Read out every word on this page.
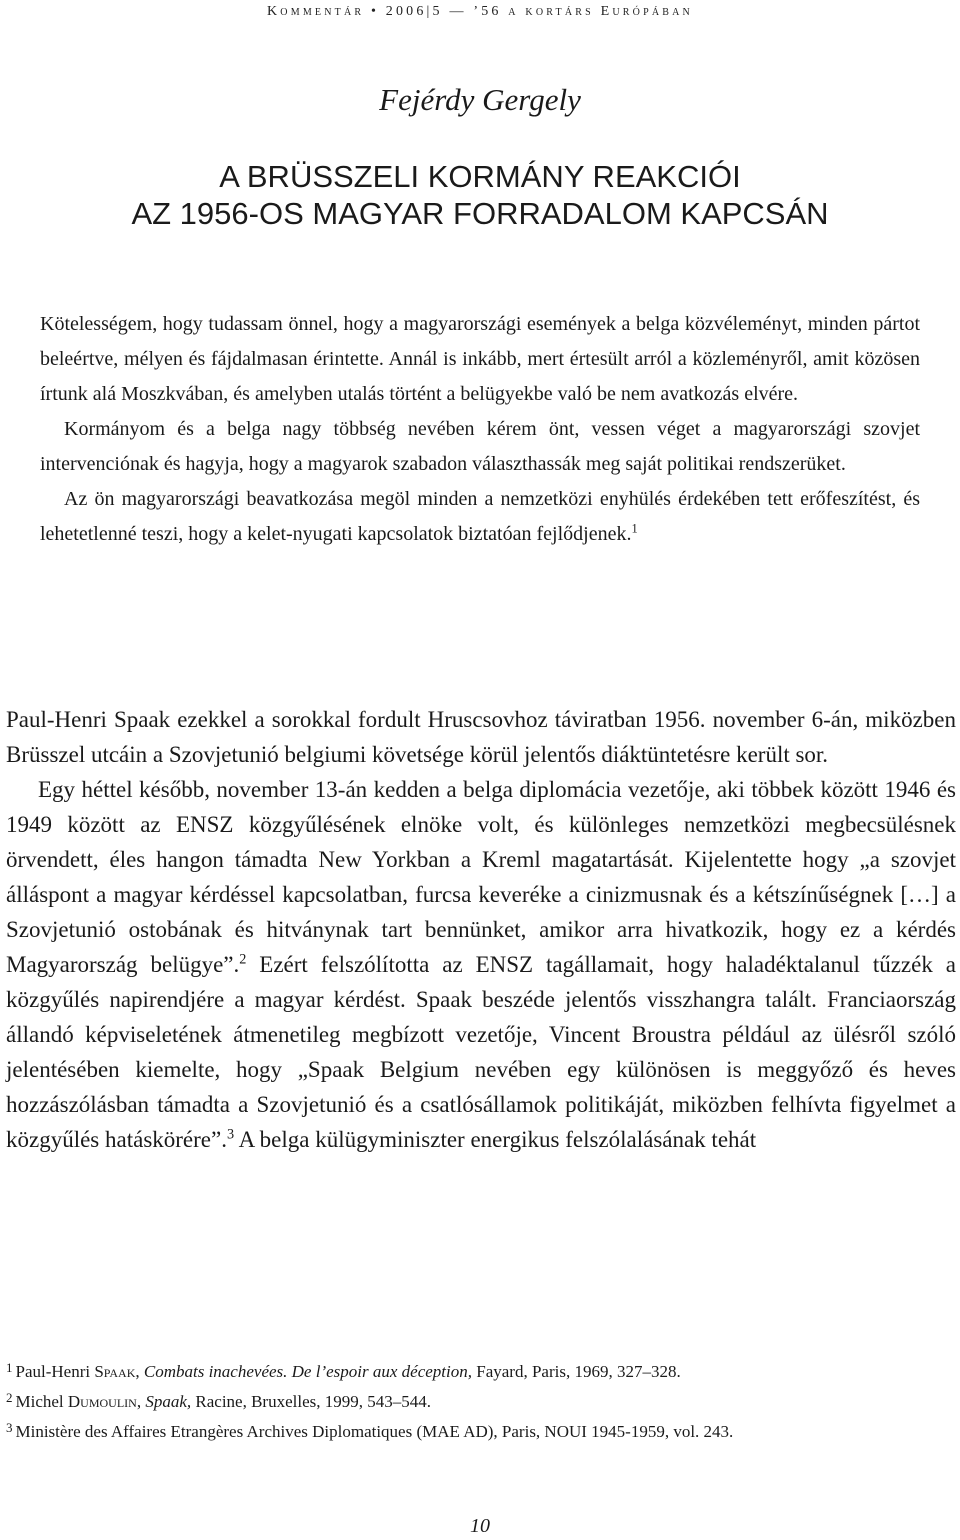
Kommentár • 2006|5 — ’56 a kortárs Európában
Fejérdy Gergely
A BRÜSSZELI KORMÁNY REAKCIÓI
AZ 1956-OS MAGYAR FORRADALOM KAPCSÁN

Kötelességem, hogy tudassam önnel, hogy a magyarországi események a belga közvéleményt, minden pártot beleértve, mélyen és fájdalmasan érintette. Annál is inkább, mert értesült arról a közleményről, amit közösen írtunk alá Moszkvában, és amelyben utalás történt a belügyekbe való be nem avatkozás elvére.

Kormányom és a belga nagy többség nevében kérem önt, vessen véget a magyarországi szovjet intervenciónak és hagyja, hogy a magyarok szabadon választhassák meg saját politikai rendszerüket.

Az ön magyarországi beavatkozása megöl minden a nemzetközi enyhülés érdekében tett erőfeszítést, és lehetetlenné teszi, hogy a kelet-nyugati kapcsolatok biztatóan fejlődjenek.$^1$

Paul-Henri Spaak ezekkel a sorokkal fordult Hruscsovhoz táviratban 1956. november 6-án, miközben Brüsszel utcáin a Szovjetunió belgiumi követsége körül jelentős diáktüntetésre került sor.

Egy héttel később, november 13-án kedden a belga diplomácia vezetője, aki többek között 1946 és 1949 között az ENSZ közgyűlésének elnöke volt, és különleges nemzetközi megbecsülésnek örvendett, éles hangon támadta New Yorkban a Kreml magatartását. Kijelentette hogy „a szovjet álláspont a magyar kérdéssel kapcsolatban, furcsa keveréke a cinizmusnak és a kétszínűségnek […] a Szovjetunió ostobának és hitványnak tart bennünket, amikor arra hivatkozik, hogy ez a kérdés Magyarország belügye”.$^2$ Ezért felszólította az ENSZ tagállamait, hogy haladéktalanul tűzzék a közgyűlés napirendjére a magyar kérdést. Spaak beszéde jelentős visszhangra talált. Franciaország állandó képviseletének átmenetileg megbízott vezetője, Vincent Broustra például az ülésről szóló jelentésében kiemelte, hogy „Spaak Belgium nevében egy különösen is meggyőző és heves hozzászólásban támadta a Szovjetunió és a csatlósállamok politikáját, miközben felhívta figyelmet a közgyűlés hatáskörére”.$^3$ A belga külügyminiszter energikus felszólalásának tehát

$^1$ Paul-Henri Spaak, Combats inachevées. De l’espoir aux déception, Fayard, Paris, 1969, 327–328.
$^2$ Michel Dumoulin, Spaak, Racine, Bruxelles, 1999, 543–544.
$^3$ Ministère des Affaires Etrangères Archives Diplomatiques (MAE AD), Paris, NOUI 1945-1959, vol. 243.
10
